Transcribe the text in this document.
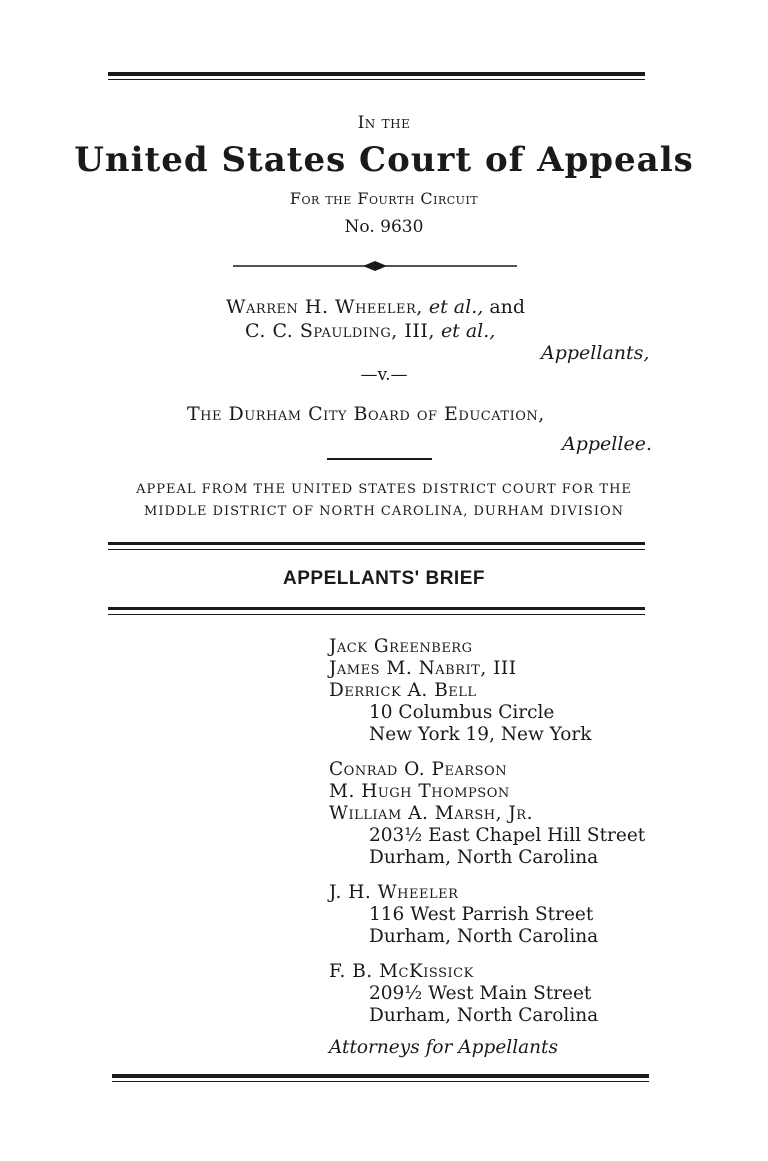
In the
United States Court of Appeals
For the Fourth Circuit
No. 9630
Warren H. Wheeler, et al., and
C. C. Spaulding, III, et al.,
Appellants,
—v.—
The Durham City Board of Education,
Appellee.
APPEAL FROM THE UNITED STATES DISTRICT COURT FOR THE
MIDDLE DISTRICT OF NORTH CAROLINA, DURHAM DIVISION
APPELLANTS' BRIEF
Jack Greenberg
James M. Nabrit, III
Derrick A. Bell
10 Columbus Circle
New York 19, New York
Conrad O. Pearson
M. Hugh Thompson
William A. Marsh, Jr.
203½ East Chapel Hill Street
Durham, North Carolina
J. H. Wheeler
116 West Parrish Street
Durham, North Carolina
F. B. McKissick
209½ West Main Street
Durham, North Carolina
Attorneys for Appellants
